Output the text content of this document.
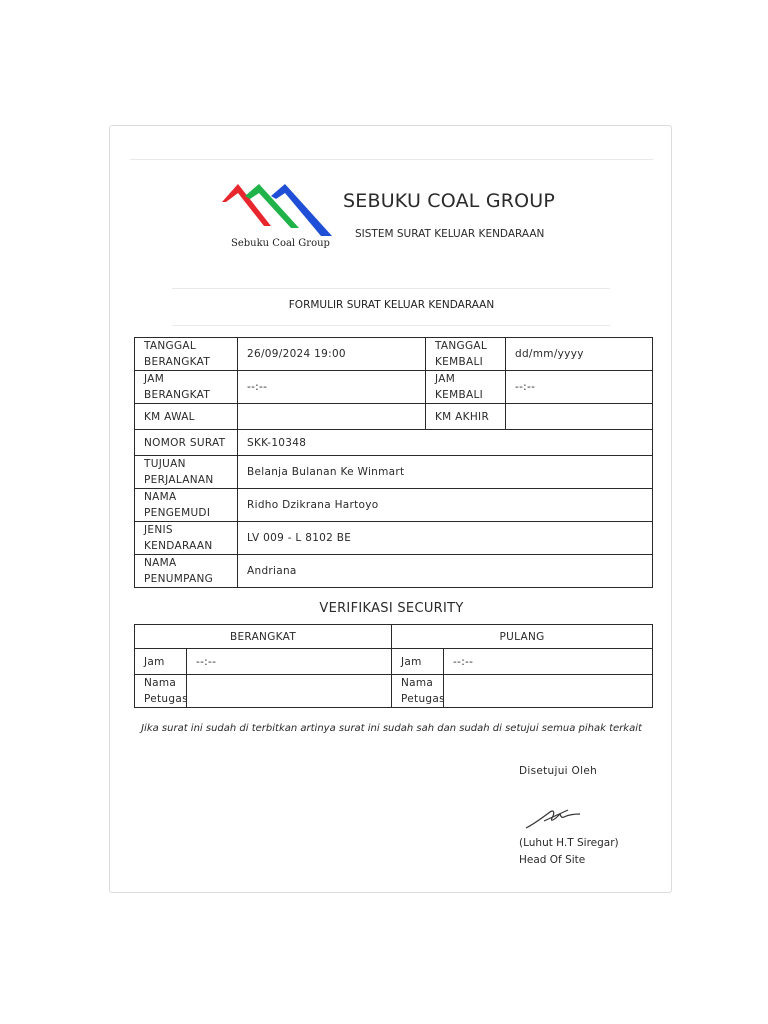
Sebuku Coal Group
SEBUKU COAL GROUP
SISTEM SURAT KELUAR KENDARAAN
FORMULIR SURAT KELUAR KENDARAAN
TANGGAL BERANGKAT	26/09/2024 19:00	TANGGAL KEMBALI	dd/mm/yyyy
JAM BERANGKAT	--:--	JAM KEMBALI	--:--
KM AWAL		KM AKHIR	
NOMOR SURAT	SKK-10348		
TUJUAN PERJALANAN	Belanja Bulanan Ke Winmart		
NAMA PENGEMUDI	Ridho Dzikrana Hartoyo		
JENIS KENDARAAN	LV 009 - L 8102 BE		
NAMA PENUMPANG	Andriana		
VERIFIKASI SECURITY
BERANGKAT		PULANG	
Jam	--:--	Jam	--:--
Nama Petugas		Nama Petugas	
Jika surat ini sudah di terbitkan artinya surat ini sudah sah dan sudah di setujui semua pihak terkait
Disetujui Oleh
(Luhut H.T Siregar)
Head Of Site
